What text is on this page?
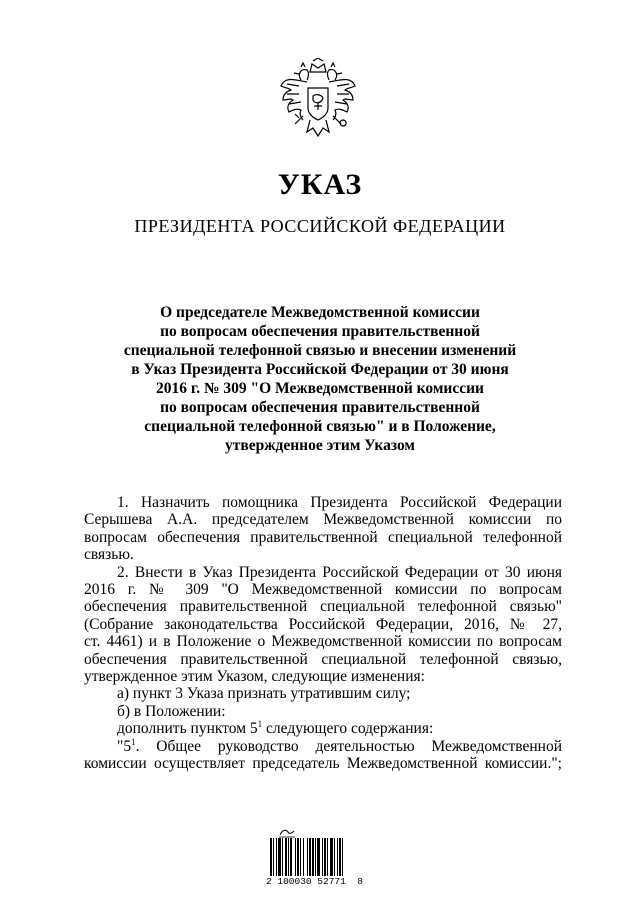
УКАЗ
ПРЕЗИДЕНТА РОССИЙСКОЙ ФЕДЕРАЦИИ
О председателе Межведомственной комиссии
по вопросам обеспечения правительственной
специальной телефонной связью и внесении изменений
в Указ Президента Российской Федерации от 30 июня
2016 г. № 309 "О Межведомственной комиссии
по вопросам обеспечения правительственной
специальной телефонной связью" и в Положение,
утвержденное этим Указом
1. Назначить помощника Президента Российской Федерации
Серышева А.А. председателем Межведомственной комиссии по
вопросам обеспечения правительственной специальной телефонной
связью.
2. Внести в Указ Президента Российской Федерации от 30 июня
2016 г. № 309 "О Межведомственной комиссии по вопросам
обеспечения правительственной специальной телефонной связью"
(Собрание законодательства Российской Федерации, 2016, № 27,
ст. 4461) и в Положение о Межведомственной комиссии по вопросам
обеспечения правительственной специальной телефонной связью,
утвержденное этим Указом, следующие изменения:
а) пункт 3 Указа признать утратившим силу;
б) в Положении:
дополнить пунктом $5^1$ следующего содержания:
"$5^1$. Общее руководство деятельностью Межведомственной
комиссии осуществляет председатель Межведомственной комиссии.";
2 100030 52771  8
